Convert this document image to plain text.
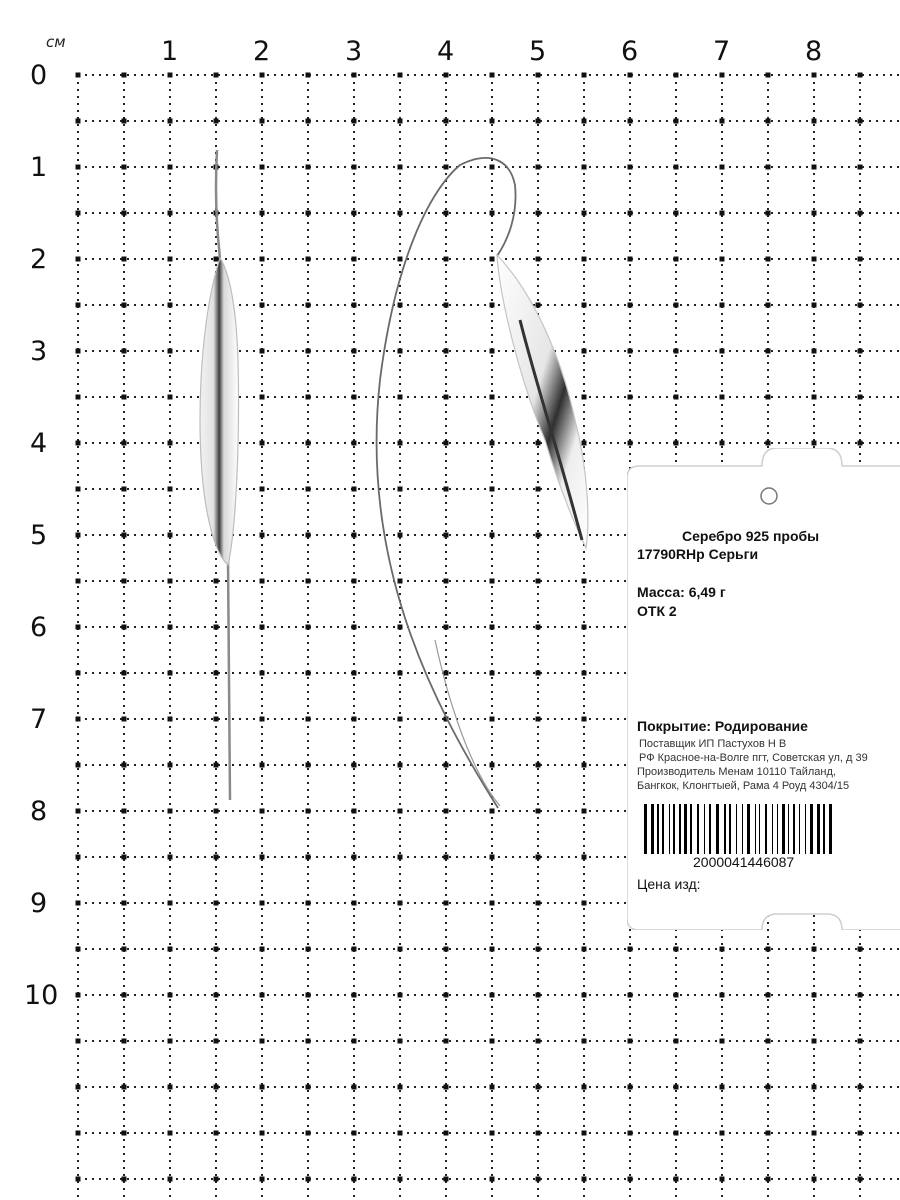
см	1	2	3	4	5	6	7	8
0
1
2
3
4
5
6
7
8
9
10
Серебро 925 пробы
17790RHp Серьги
Масса: 6,49 г
ОТК 2
Покрытие: Родирование
Поставщик ИП Пастухов Н В
РФ Красное-на-Волге пгт, Советская ул, д 39
Производитель Менам 10110 Тайланд,
Бангкок, Клонгтыей, Рама 4 Роуд 4304/15
2000041446087
Цена изд:
